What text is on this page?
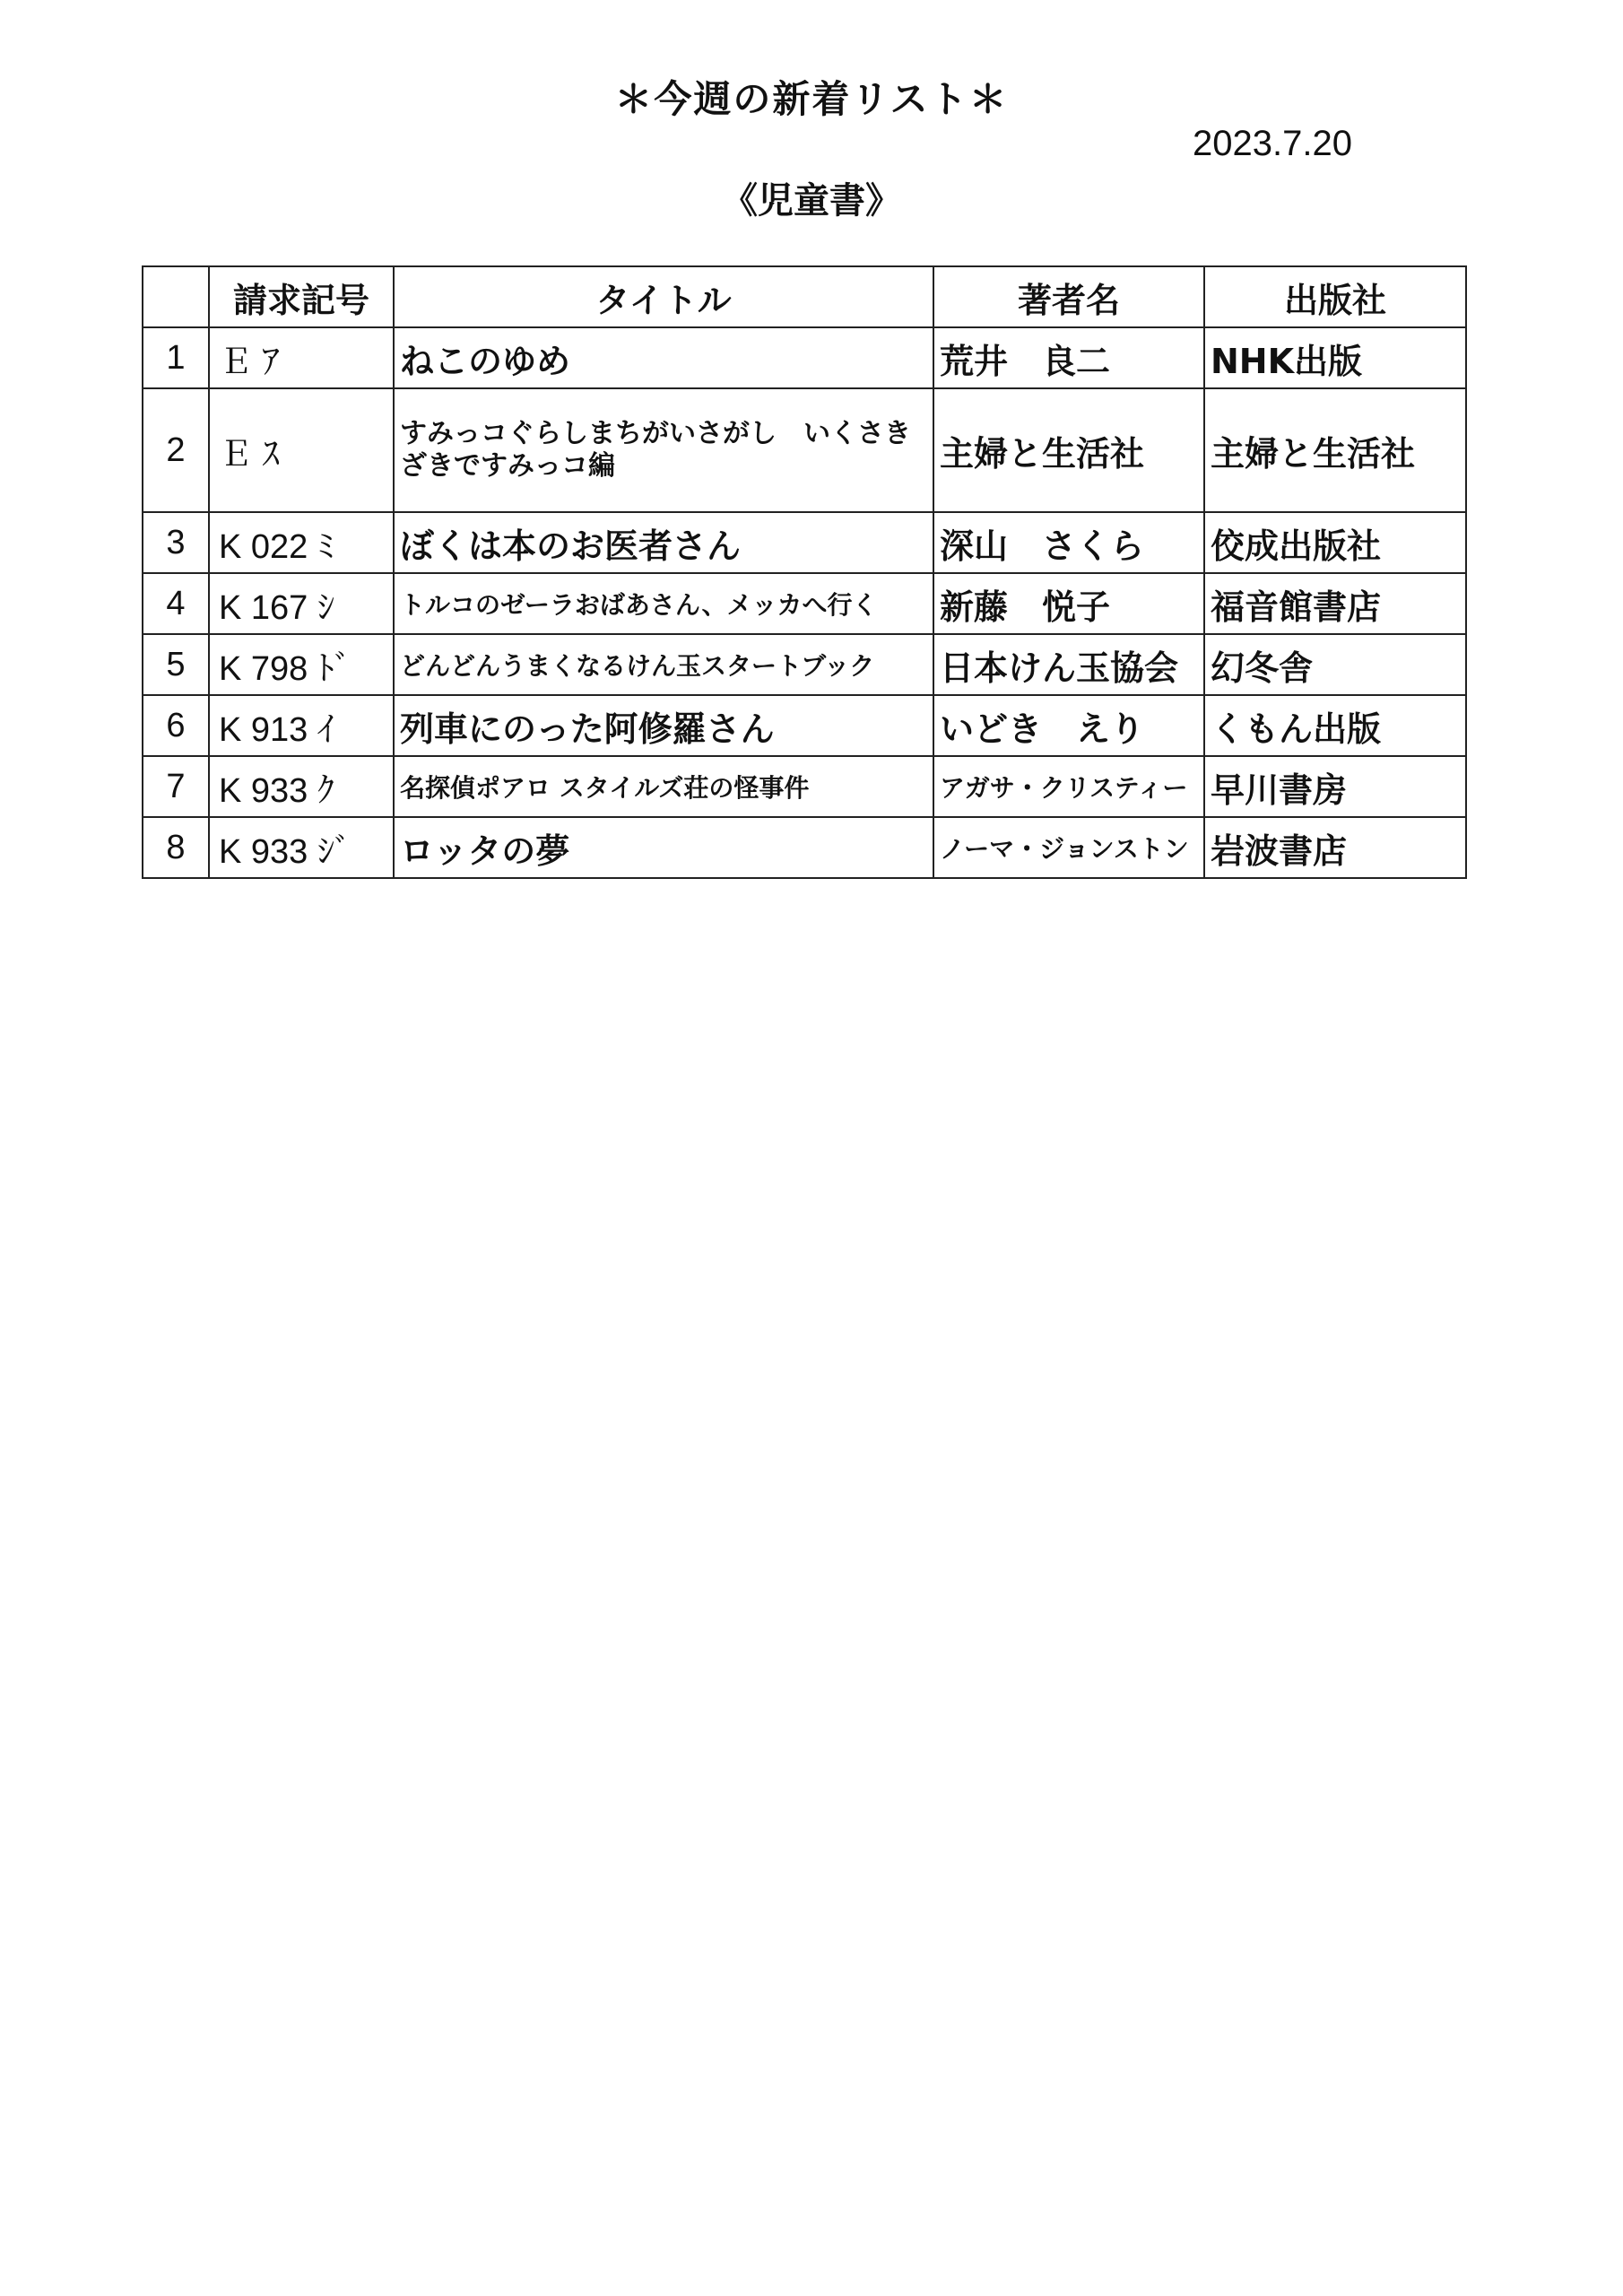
＊今週の新着リスト＊
2023.7.20
《児童書》
	請求記号	タイトル	著者名	出版社
1	Ｅ ｱ	ねこのゆめ	荒井　良二	NHK出版
2	Ｅ ｽ	すみっコぐらしまちがいさがし　いくさきざきですみっコ編	主婦と生活社	主婦と生活社
3	K 022 ﾐ	ぼくは本のお医者さん	深山　さくら	佼成出版社
4	K 167 ｼ	トルコのゼーラおばあさん、メッカへ行く	新藤　悦子	福音館書店
5	K 798 ﾄﾞ	どんどんうまくなるけん玉スタートブック	日本けん玉協会	幻冬舎
6	K 913 ｲ	列車にのった阿修羅さん	いどき　えり	くもん出版
7	K 933 ｸ	名探偵ポアロ スタイルズ荘の怪事件	アガサ・クリスティー	早川書房
8	K 933 ｼﾞ	ロッタの夢	ノーマ・ジョンストン	岩波書店
